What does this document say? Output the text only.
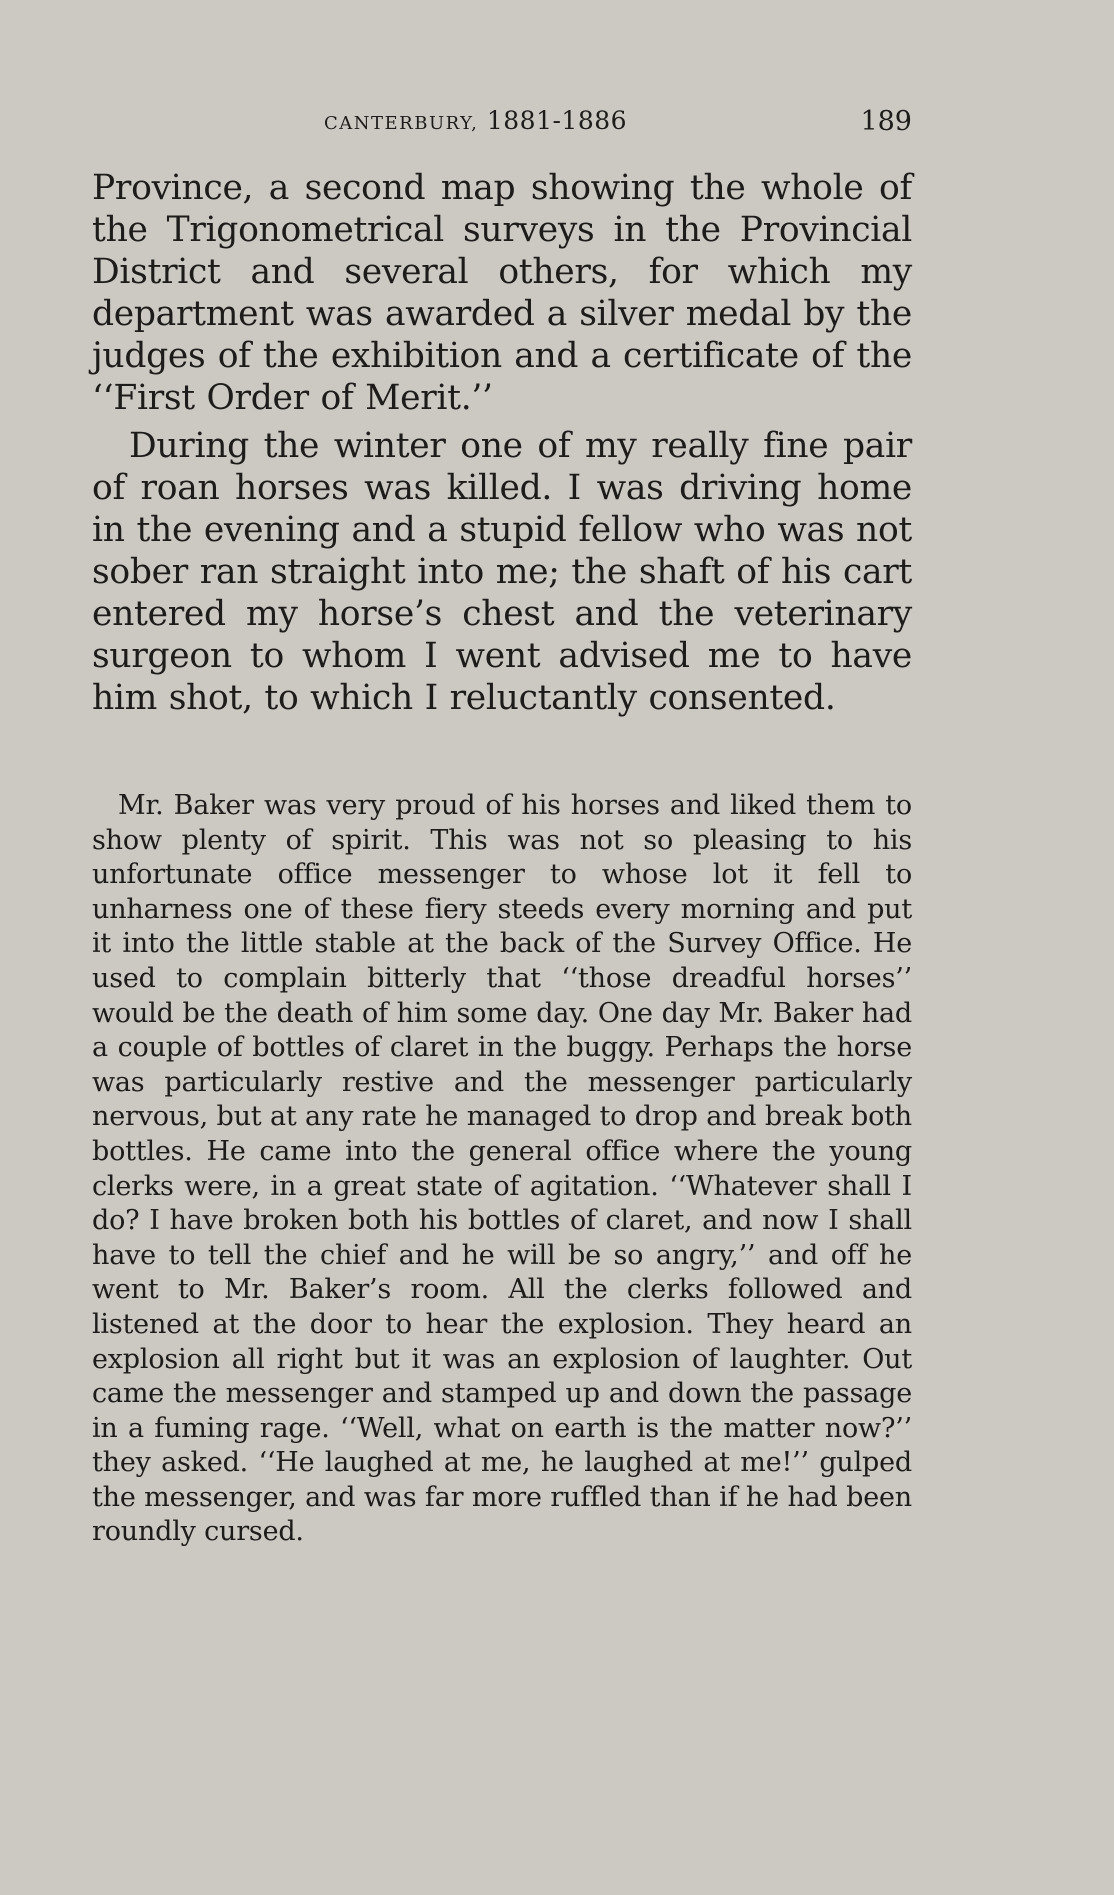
CANTERBURY, 1881-1886	189

Province, a second map showing the whole of the Trigonometrical surveys in the Provincial District and several others, for which my department was awarded a silver medal by the judges of the exhibition and a certificate of the ‘‘First Order of Merit.’’

During the winter one of my really fine pair of roan horses was killed. I was driving home in the evening and a stupid fellow who was not sober ran straight into me; the shaft of his cart entered my horse’s chest and the veterinary surgeon to whom I went advised me to have him shot, to which I reluctantly consented.

Mr. Baker was very proud of his horses and liked them to show plenty of spirit. This was not so pleasing to his unfortunate office messenger to whose lot it fell to unharness one of these fiery steeds every morning and put it into the little stable at the back of the Survey Office. He used to complain bitterly that ‘‘those dreadful horses’’ would be the death of him some day. One day Mr. Baker had a couple of bottles of claret in the buggy. Perhaps the horse was particularly restive and the messenger particularly nervous, but at any rate he managed to drop and break both bottles. He came into the general office where the young clerks were, in a great state of agitation. ‘‘Whatever shall I do? I have broken both his bottles of claret, and now I shall have to tell the chief and he will be so angry,’’ and off he went to Mr. Baker’s room. All the clerks followed and listened at the door to hear the explosion. They heard an explosion all right but it was an explosion of laughter. Out came the messenger and stamped up and down the passage in a fuming rage. ‘‘Well, what on earth is the matter now?’’ they asked. ‘‘He laughed at me, he laughed at me!’’ gulped the messenger, and was far more ruffled than if he had been roundly cursed.
